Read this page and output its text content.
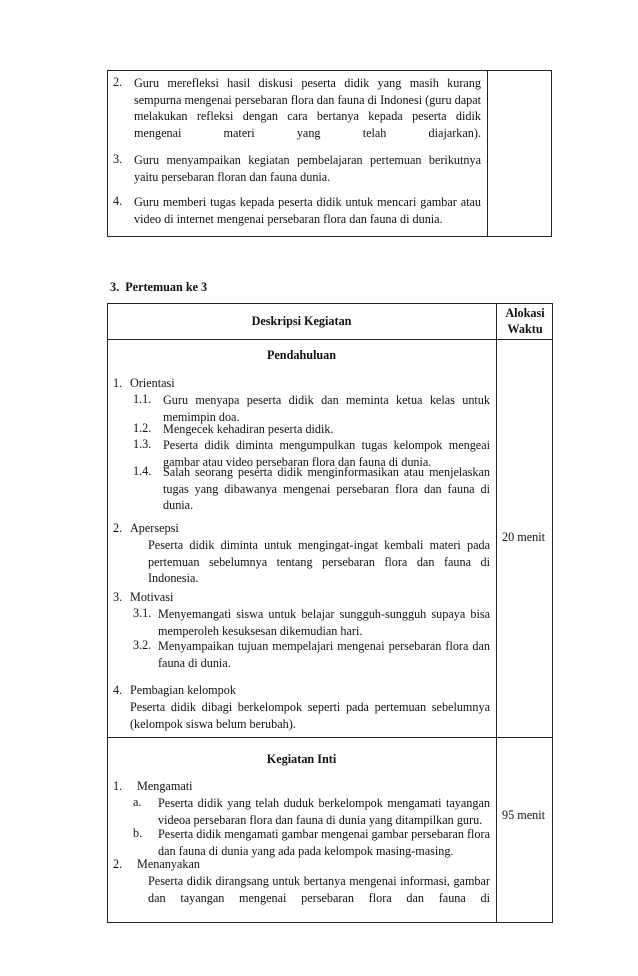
2. Guru merefleksi hasil diskusi peserta didik yang masih kurang sempurna mengenai persebaran flora dan fauna di Indonesi (guru dapat melakukan refleksi dengan cara bertanya kepada peserta didik mengenai materi yang telah diajarkan).
3. Guru menyampaikan kegiatan pembelajaran pertemuan berikutnya yaitu persebaran floran dan fauna dunia.
4. Guru memberi tugas kepada peserta didik untuk mencari gambar atau video di internet mengenai persebaran flora dan fauna di dunia.
3.  Pertemuan ke 3
Deskripsi Kegiatan
Alokasi Waktu
Pendahuluan
20 menit
1. Orientasi
1.1. Guru menyapa peserta didik dan meminta ketua kelas untuk memimpin doa.
1.2. Mengecek kehadiran peserta didik.
1.3. Peserta didik diminta mengumpulkan tugas kelompok mengeai gambar atau video persebaran flora dan fauna di dunia.
1.4. Salah seorang peserta didik menginformasikan atau menjelaskan tugas yang dibawanya mengenai persebaran flora dan fauna di dunia.
2. Apersepsi
Peserta didik diminta untuk mengingat-ingat kembali materi pada pertemuan sebelumnya tentang persebaran flora dan fauna di Indonesia.
3. Motivasi
3.1. Menyemangati siswa untuk belajar sungguh-sungguh supaya bisa memperoleh kesuksesan dikemudian hari.
3.2. Menyampaikan tujuan mempelajari mengenai persebaran flora dan fauna di dunia.
4. Pembagian kelompok
Peserta didik dibagi berkelompok seperti pada pertemuan sebelumnya (kelompok siswa belum berubah).
Kegiatan Inti
95 menit
1. Mengamati
a. Peserta didik yang telah duduk berkelompok mengamati tayangan videoa persebaran flora dan fauna di dunia yang ditampilkan guru.
b. Peserta didik mengamati gambar mengenai gambar persebaran flora dan fauna di dunia yang ada pada kelompok masing-masing.
2. Menanyakan
Peserta didik dirangsang untuk bertanya mengenai informasi, gambar dan tayangan mengenai persebaran flora dan fauna di
